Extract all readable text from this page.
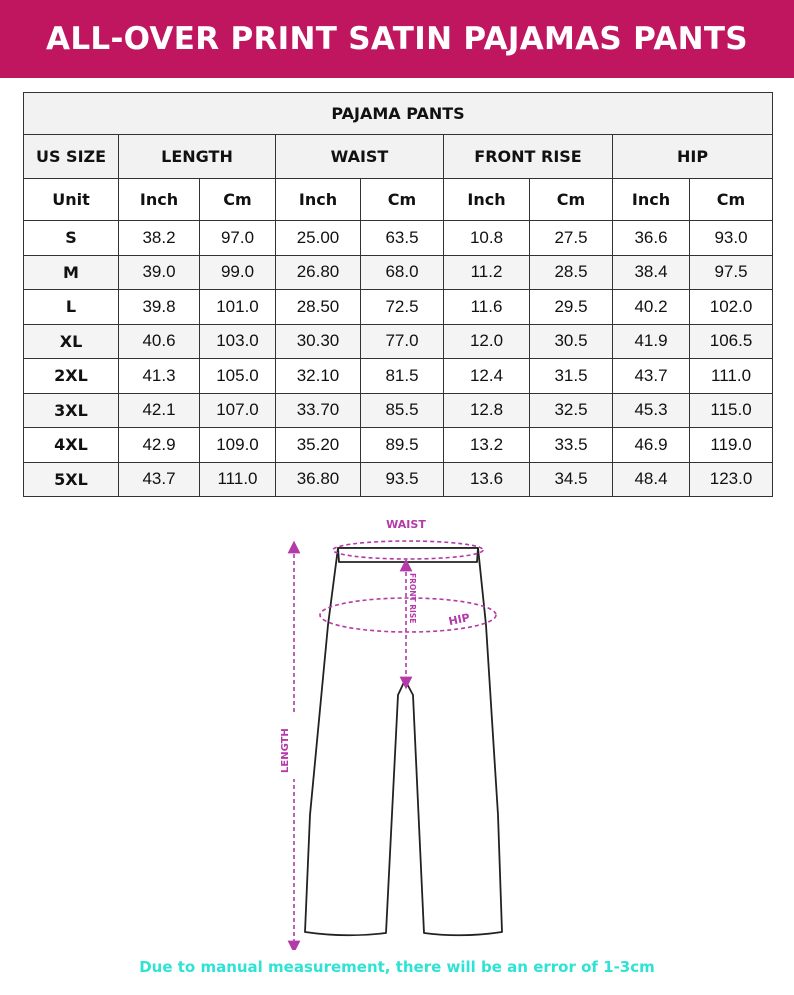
ALL-OVER PRINT SATIN PAJAMAS PANTS
PAJAMA PANTS								
US SIZE	LENGTH		WAIST		FRONT RISE		HIP	
Unit	Inch	Cm	Inch	Cm	Inch	Cm	Inch	Cm
S	38.2	97.0	25.00	63.5	10.8	27.5	36.6	93.0
M	39.0	99.0	26.80	68.0	11.2	28.5	38.4	97.5
L	39.8	101.0	28.50	72.5	11.6	29.5	40.2	102.0
XL	40.6	103.0	30.30	77.0	12.0	30.5	41.9	106.5
2XL	41.3	105.0	32.10	81.5	12.4	31.5	43.7	111.0
3XL	42.1	107.0	33.70	85.5	12.8	32.5	45.3	115.0
4XL	42.9	109.0	35.20	89.5	13.2	33.5	46.9	119.0
5XL	43.7	111.0	36.80	93.5	13.6	34.5	48.4	123.0
WAIST
HIP
FRONT RISE
LENGTH
Due to manual measurement, there will be an error of 1-3cm
